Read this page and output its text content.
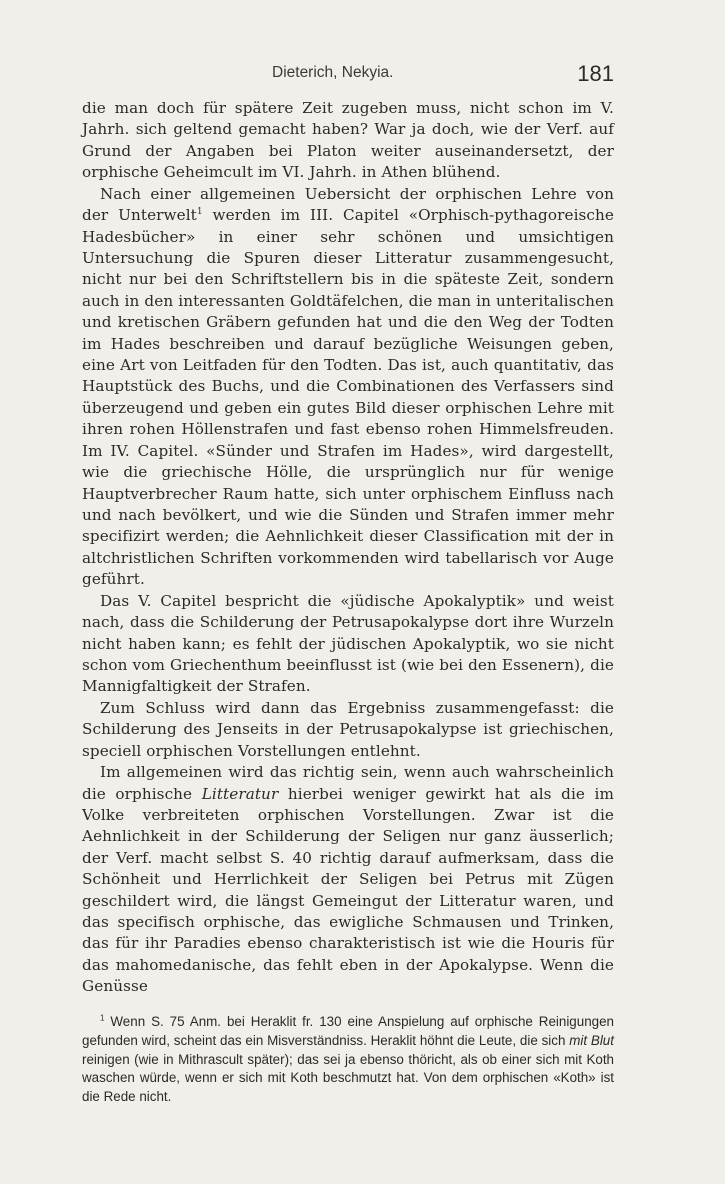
Dieterich, Nekyia.	181

die man doch für spätere Zeit zugeben muss, nicht schon im V. Jahrh. sich geltend gemacht haben? War ja doch, wie der Verf. auf Grund der Angaben bei Platon weiter auseinandersetzt, der orphische Geheimcult im VI. Jahrh. in Athen blühend.

Nach einer allgemeinen Uebersicht der orphischen Lehre von der Unterwelt$^1$ werden im III. Capitel «Orphisch-pythagoreische Hadesbücher» in einer sehr schönen und umsichtigen Untersuchung die Spuren dieser Litteratur zusammengesucht, nicht nur bei den Schriftstellern bis in die späteste Zeit, sondern auch in den interessanten Goldtäfelchen, die man in unteritalischen und kretischen Gräbern gefunden hat und die den Weg der Todten im Hades beschreiben und darauf bezügliche Weisungen geben, eine Art von Leitfaden für den Todten. Das ist, auch quantitativ, das Hauptstück des Buchs, und die Combinationen des Verfassers sind überzeugend und geben ein gutes Bild dieser orphischen Lehre mit ihren rohen Höllenstrafen und fast ebenso rohen Himmelsfreuden. Im IV. Capitel. «Sünder und Strafen im Hades», wird dargestellt, wie die griechische Hölle, die ursprünglich nur für wenige Hauptverbrecher Raum hatte, sich unter orphischem Einfluss nach und nach bevölkert, und wie die Sünden und Strafen immer mehr specifizirt werden; die Aehnlichkeit dieser Classification mit der in altchristlichen Schriften vorkommenden wird tabellarisch vor Auge geführt.

Das V. Capitel bespricht die «jüdische Apokalyptik» und weist nach, dass die Schilderung der Petrusapokalypse dort ihre Wurzeln nicht haben kann; es fehlt der jüdischen Apokalyptik, wo sie nicht schon vom Griechenthum beeinflusst ist (wie bei den Essenern), die Mannigfaltigkeit der Strafen.

Zum Schluss wird dann das Ergebniss zusammengefasst: die Schilderung des Jenseits in der Petrusapokalypse ist griechischen, speciell orphischen Vorstellungen entlehnt.

Im allgemeinen wird das richtig sein, wenn auch wahrscheinlich die orphische Litteratur hierbei weniger gewirkt hat als die im Volke verbreiteten orphischen Vorstellungen. Zwar ist die Aehnlichkeit in der Schilderung der Seligen nur ganz äusserlich; der Verf. macht selbst S. 40 richtig darauf aufmerksam, dass die Schönheit und Herrlichkeit der Seligen bei Petrus mit Zügen geschildert wird, die längst Gemeingut der Litteratur waren, und das specifisch orphische, das ewigliche Schmausen und Trinken, das für ihr Paradies ebenso charakteristisch ist wie die Houris für das mahomedanische, das fehlt eben in der Apokalypse. Wenn die Genüsse

$^1$ Wenn S. 75 Anm. bei Heraklit fr. 130 eine Anspielung auf orphische Reinigungen gefunden wird, scheint das ein Misverständniss. Heraklit höhnt die Leute, die sich mit Blut reinigen (wie in Mithrascult später); das sei ja ebenso thöricht, als ob einer sich mit Koth waschen würde, wenn er sich mit Koth beschmutzt hat. Von dem orphischen «Koth» ist die Rede nicht.
